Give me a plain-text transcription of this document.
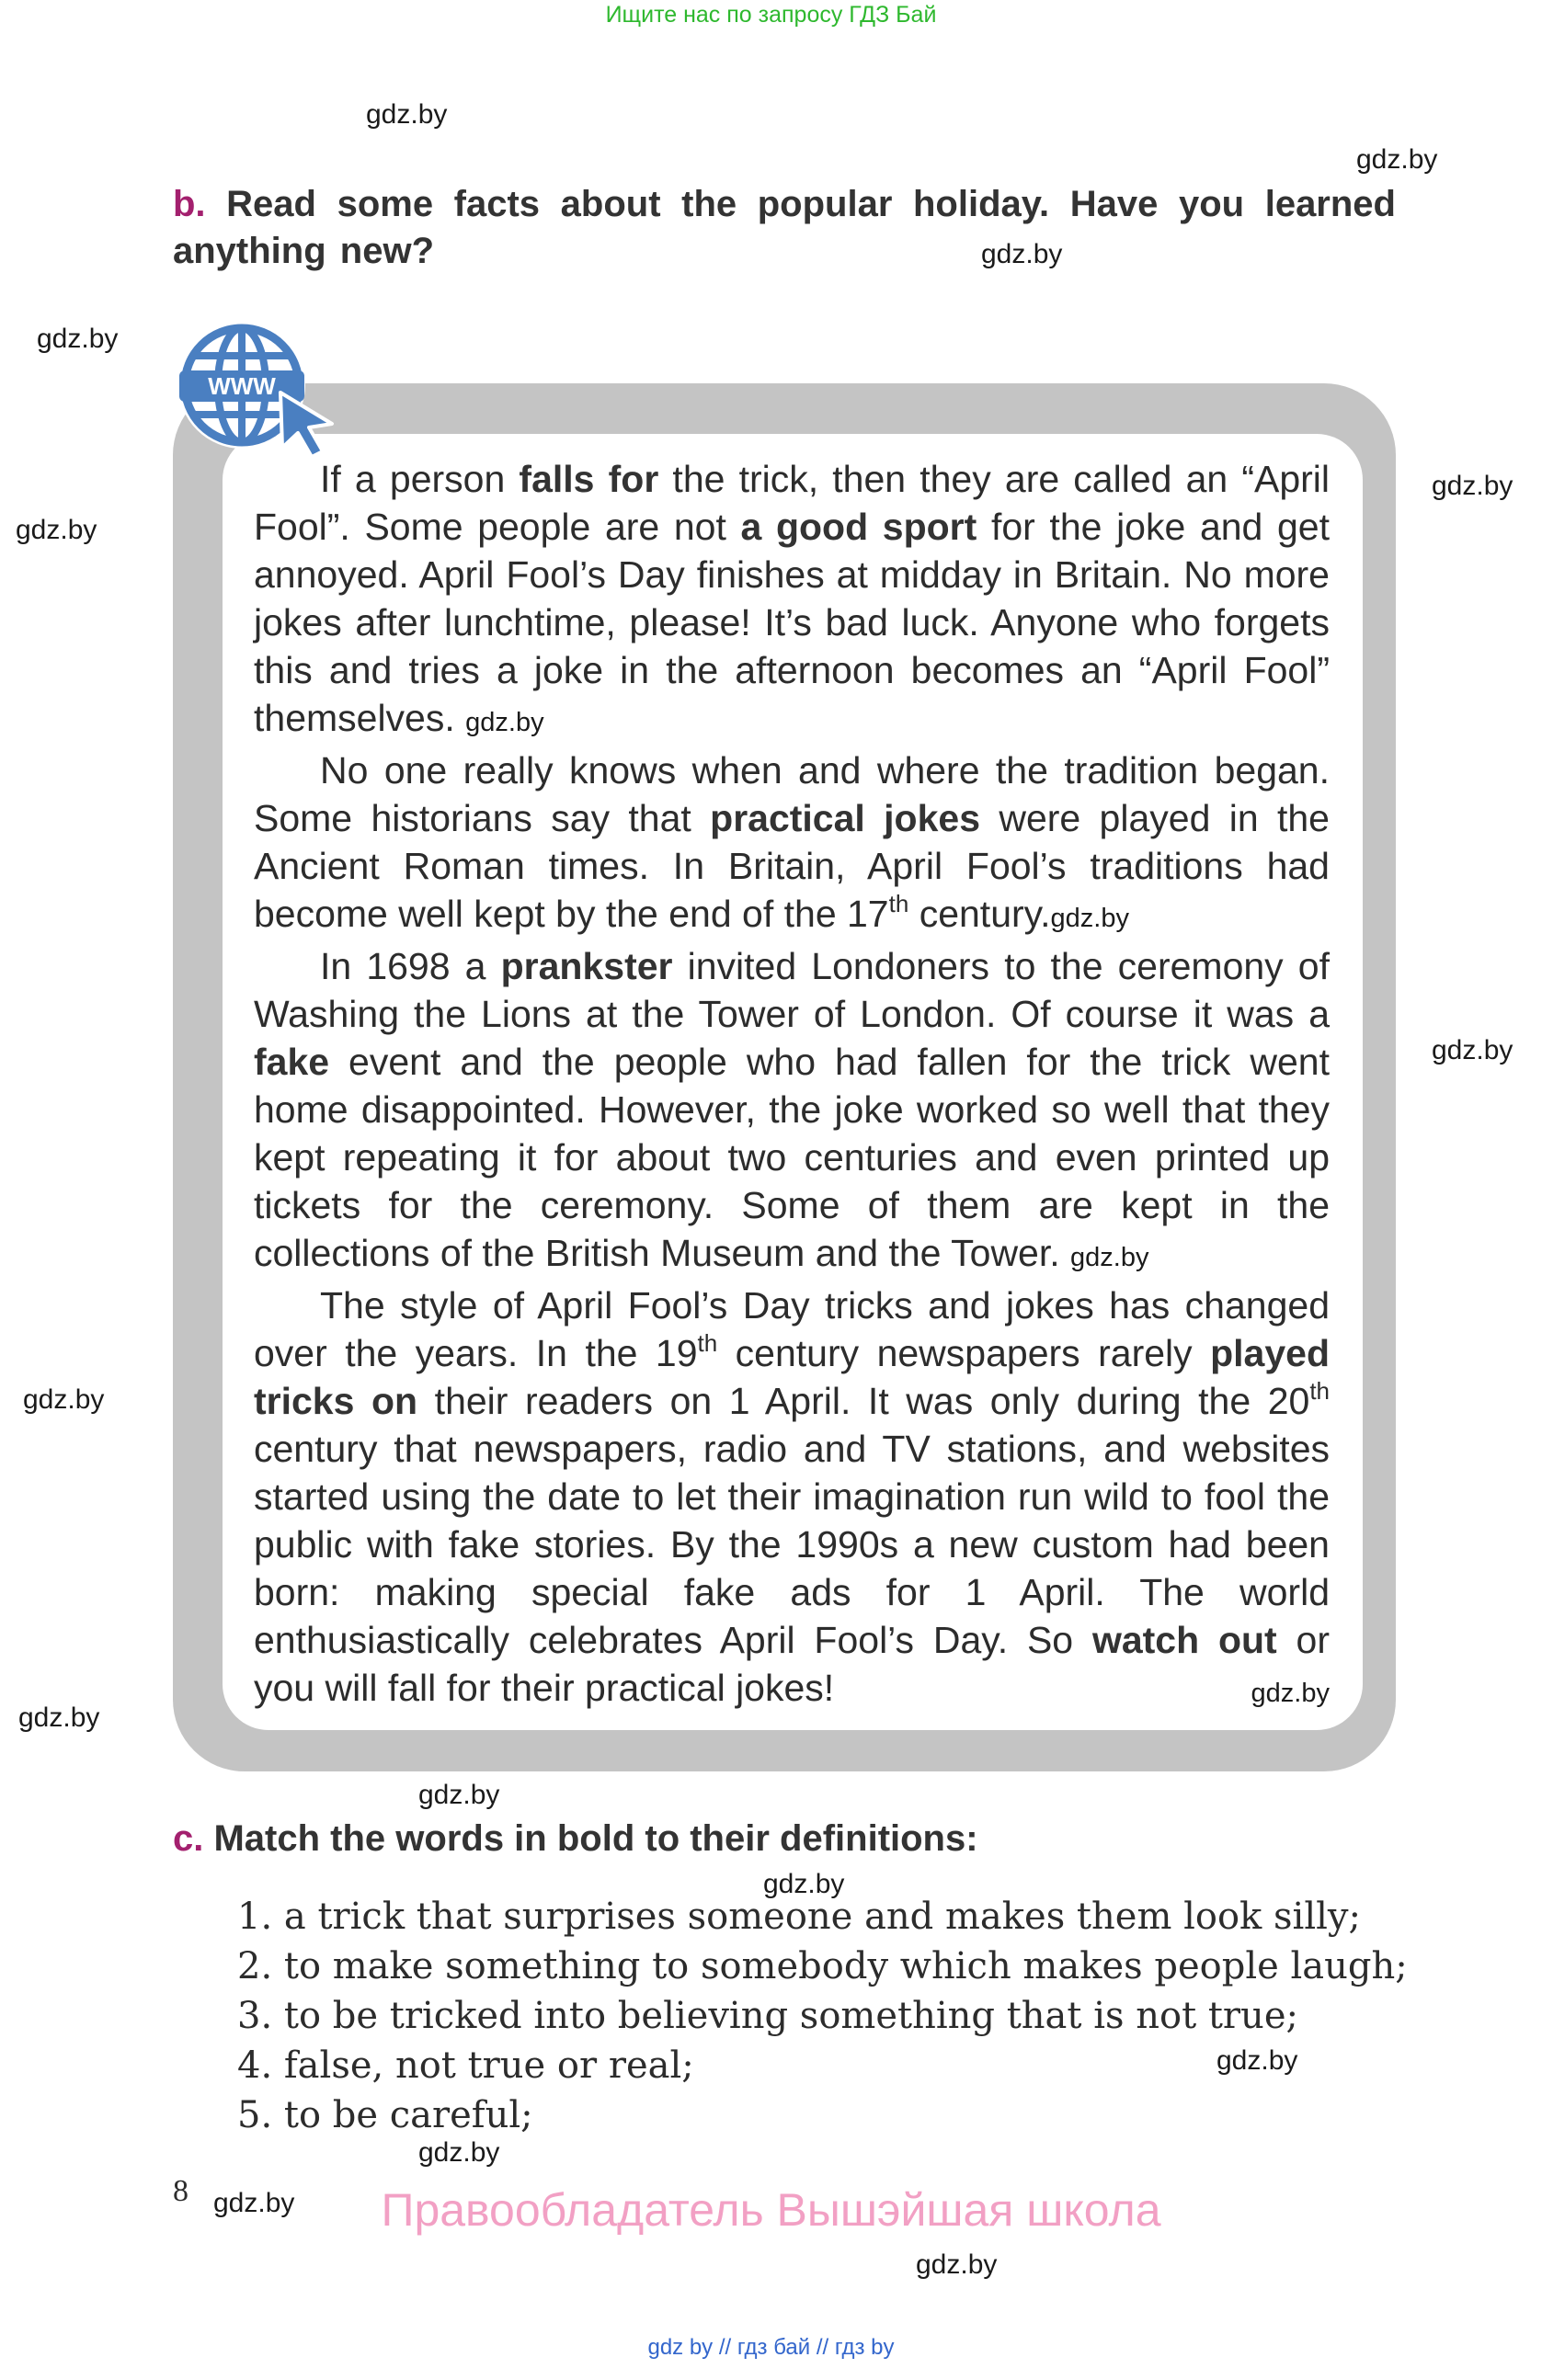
Ищите нас по запросу ГДЗ Бай
gdz.by
gdz.by
gdz.by
gdz.by
gdz.by
gdz.by
gdz.by
gdz.by
gdz.by
gdz.by
gdz.by
gdz.by
gdz.by
gdz.by
gdz.by
b. Read some facts about the popular holiday. Have you learned anything new?
WWW

If a person falls for the trick, then they are called an “April Fool”. Some people are not a good sport for the joke and get annoyed. April Fool’s Day finishes at midday in Britain. No more jokes after lunchtime, please! It’s bad luck. Anyone who forgets this and tries a joke in the afternoon becomes an “April Fool” themselves. gdz.by

No one really knows when and where the tradition began. Some historians say that practical jokes were played in the Ancient Roman times. In Britain, April Fool’s traditions had become well kept by the end of the 17th century.gdz.by

In 1698 a prankster invited Londoners to the ceremony of Washing the Lions at the Tower of London. Of course it was a fake event and the people who had fallen for the trick went home disappointed. However, the joke worked so well that they kept repeating it for about two centuries and even printed up tickets for the ceremony. Some of them are kept in the collections of the British Museum and the Tower. gdz.by

The style of April Fool’s Day tricks and jokes has changed over the years. In the 19th century newspapers rarely played tricks on their readers on 1 April. It was only during the 20th century that newspapers, radio and TV stations, and websites started using the date to let their imagination run wild to fool the public with fake stories. By the 1990s a new custom had been born: making special fake ads for 1 April. The world enthusiastically celebrates April Fool’s Day. So watch out or you will fall for their practical jokes!	gdz.by

c. Match the words in bold to their definitions:
1. a trick that surprises someone and makes them look silly;
2. to make something to somebody which makes people laugh;
3. to be tricked into believing something that is not true;
4. false, not true or real;
5. to be careful;
8	Правообладатель Вышэйшая школа
gdz by // гдз бай // гдз by
